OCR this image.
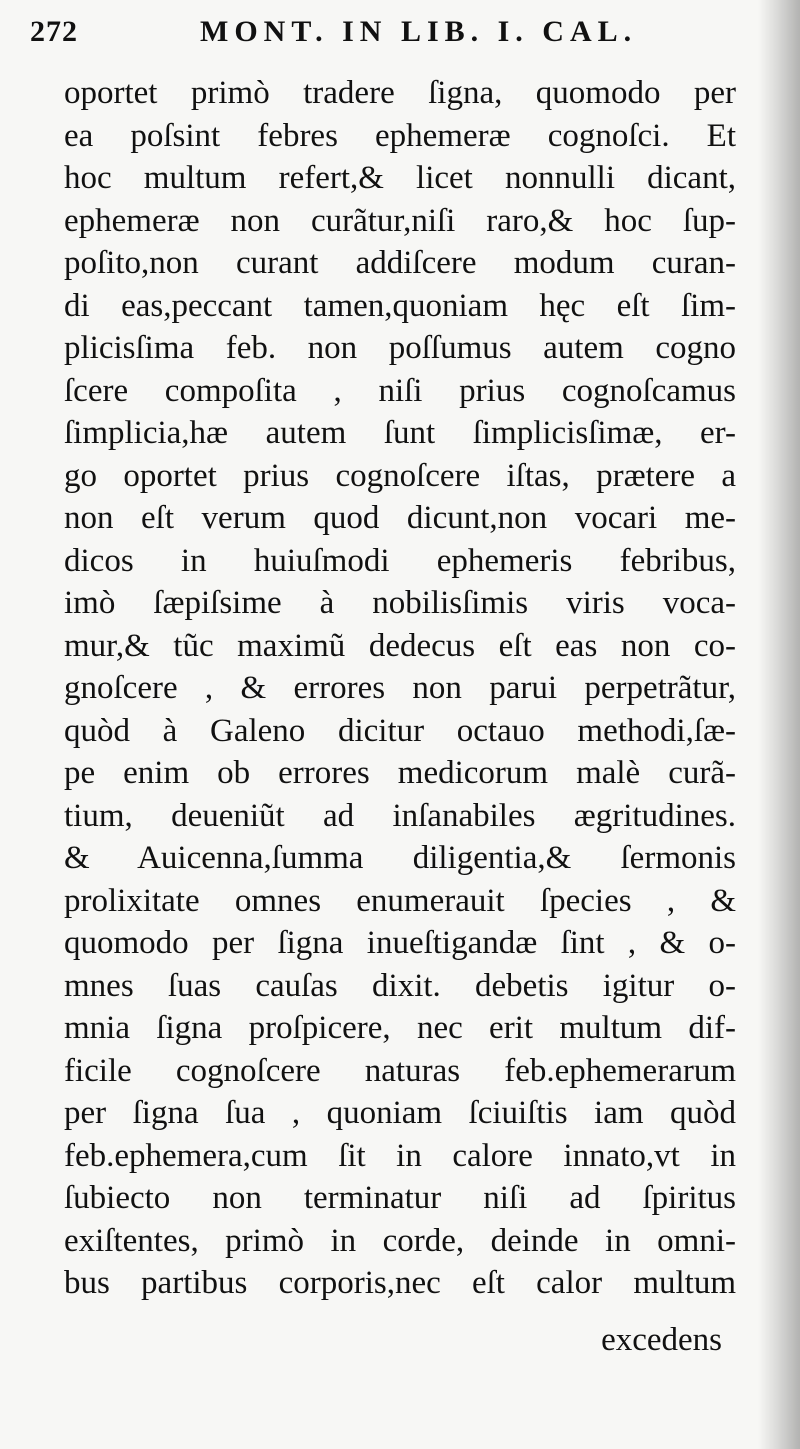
272	MONT. IN LIB. I. CAL.
oportet primò tradere ſigna, quomodo per
ea poſsint febres ephemeræ cognoſci. Et
hoc multum refert,& licet nonnulli dicant,
ephemeræ non curãtur,niſi raro,& hoc ſup-
poſito,non curant addiſcere modum curan-
di eas,peccant tamen,quoniam hęc eſt ſim-
plicisſima feb. non poſſumus autem cogno
ſcere compoſita , niſi prius cognoſcamus
ſimplicia,hæ autem ſunt ſimplicisſimæ, er-
go oportet prius cognoſcere iſtas, prætere a
non eſt verum quod dicunt,non vocari me-
dicos in huiuſmodi ephemeris febribus,
imò ſæpiſsime à nobilisſimis viris voca-
mur,& tũc maximũ dedecus eſt eas non co-
gnoſcere , & errores non parui perpetrãtur,
quòd à Galeno dicitur octauo methodi,ſæ-
pe enim ob errores medicorum malè curã-
tium, deueniũt ad inſanabiles ægritudines.
& Auicenna,ſumma diligentia,& ſermonis
prolixitate omnes enumerauit ſpecies , &
quomodo per ſigna inueſtigandæ ſint , & o-
mnes ſuas cauſas dixit. debetis igitur o-
mnia ſigna proſpicere, nec erit multum dif-
ficile cognoſcere naturas feb.ephemerarum
per ſigna ſua , quoniam ſciuiſtis iam quòd
feb.ephemera,cum ſit in calore innato,vt in
ſubiecto non terminatur niſi ad ſpiritus
exiſtentes, primò in corde, deinde in omni-
bus partibus corporis,nec eſt calor multum
excedens
